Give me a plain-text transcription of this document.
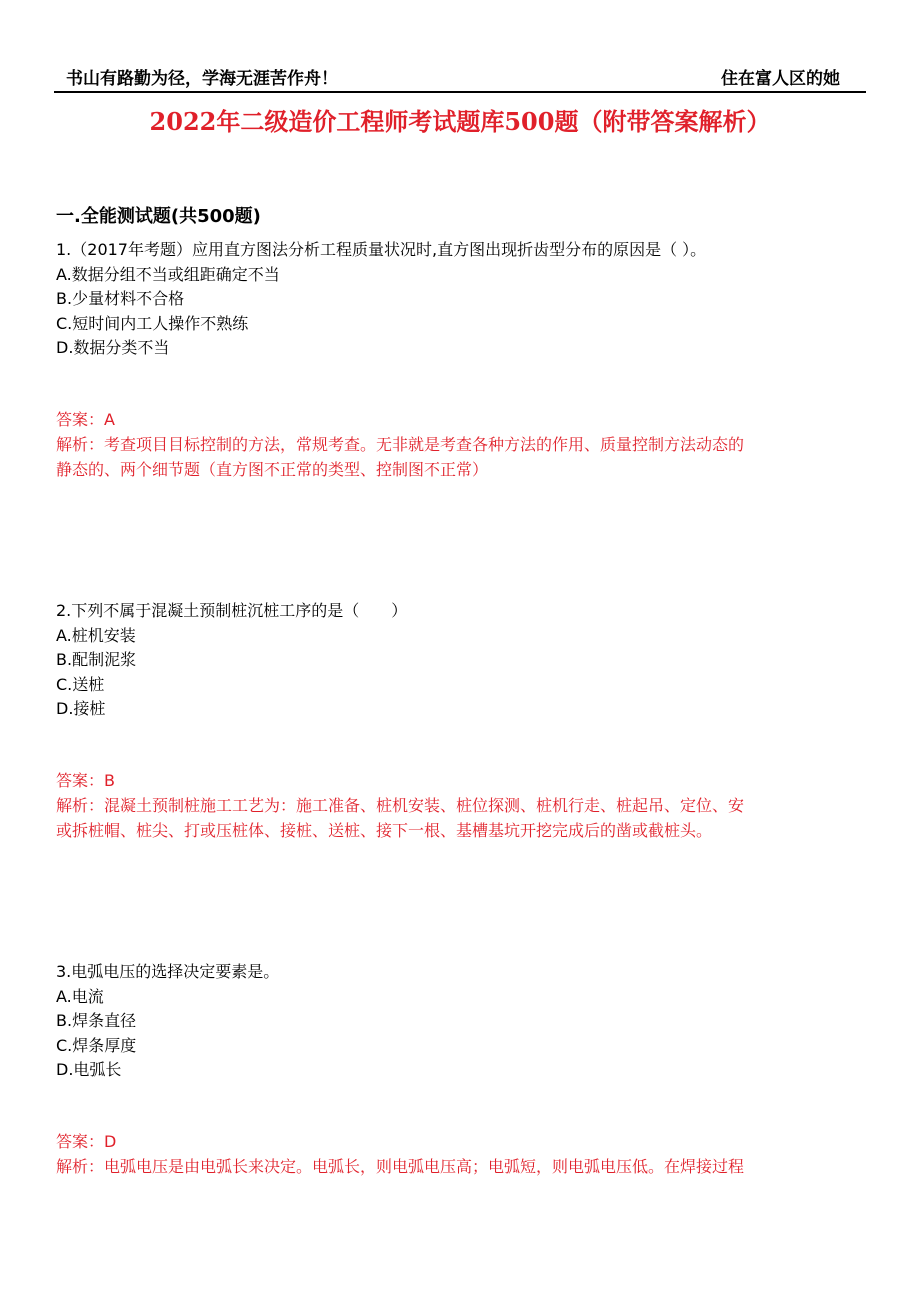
书山有路勤为径，学海无涯苦作舟！	住在富人区的她
2022年二级造价工程师考试题库500题（附带答案解析）
一.全能测试题(共500题)
1.（2017年考题）应用直方图法分析工程质量状况时,直方图出现折齿型分布的原因是（ ）。
A.数据分组不当或组距确定不当
B.少量材料不合格
C.短时间内工人操作不熟练
D.数据分类不当
答案：A
解析：考查项目目标控制的方法，常规考查。无非就是考查各种方法的作用、质量控制方法动态的
静态的、两个细节题（直方图不正常的类型、控制图不正常）
2.下列不属于混凝土预制桩沉桩工序的是（　　）
A.桩机安装
B.配制泥浆
C.送桩
D.接桩
答案：B
解析：混凝土预制桩施工工艺为：施工准备、桩机安装、桩位探测、桩机行走、桩起吊、定位、安
或拆桩帽、桩尖、打或压桩体、接桩、送桩、接下一根、基槽基坑开挖完成后的凿或截桩头。
3.电弧电压的选择决定要素是。
A.电流
B.焊条直径
C.焊条厚度
D.电弧长
答案：D
解析：电弧电压是由电弧长来决定。电弧长，则电弧电压高；电弧短，则电弧电压低。在焊接过程
